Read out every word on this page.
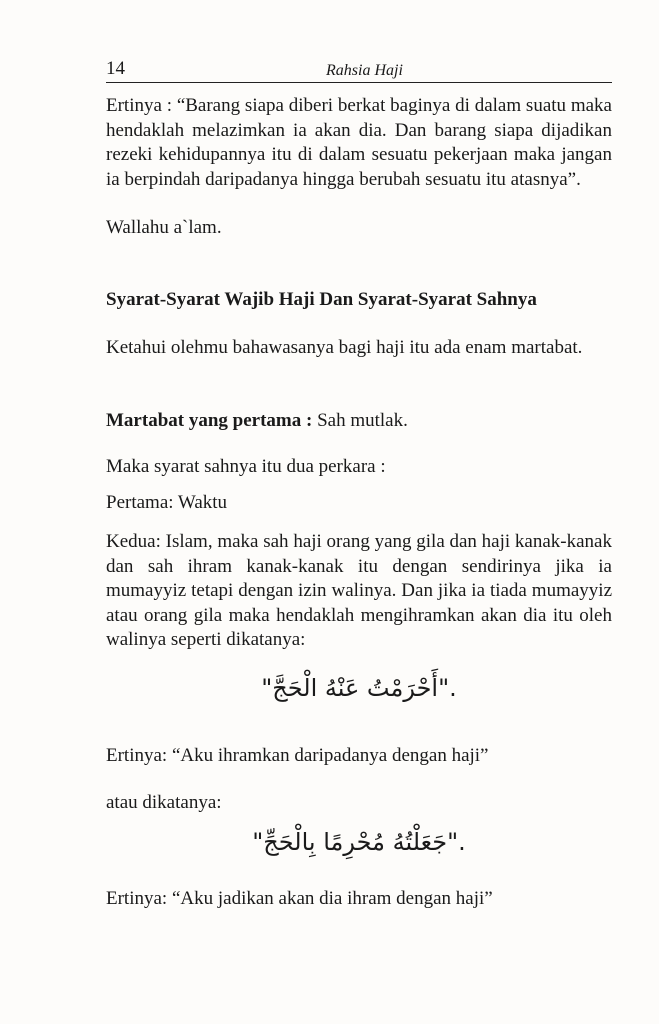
14	Rahsia Haji

Ertinya : “Barang siapa diberi berkat baginya di dalam suatu maka hendaklah melazimkan ia akan dia. Dan barang siapa dijadikan rezeki kehidupannya itu di dalam sesuatu pekerjaan maka jangan ia berpindah daripadanya hingga berubah sesuatu itu atasnya”.

Wallahu a`lam.

Syarat-Syarat Wajib Haji Dan Syarat-Syarat Sahnya

Ketahui olehmu bahawasanya bagi haji itu ada enam martabat.

Martabat yang pertama : Sah mutlak.

Maka syarat sahnya itu dua perkara :

Pertama: Waktu

Kedua: Islam, maka sah haji orang yang gila dan haji kanak-kanak dan sah ihram kanak-kanak itu dengan sendirinya jika ia mumayyiz tetapi dengan izin walinya. Dan jika ia tiada mumayyiz atau orang gila maka hendaklah mengihramkan akan dia itu oleh walinya seperti dikatanya:

."أَحْرَمْتُ عَنْهُ الْحَجَّ"

Ertinya: “Aku ihramkan daripadanya dengan haji”

atau dikatanya:

."جَعَلْتُهُ مُحْرِمًا بِالْحَجِّ"

Ertinya: “Aku jadikan akan dia ihram dengan haji”
